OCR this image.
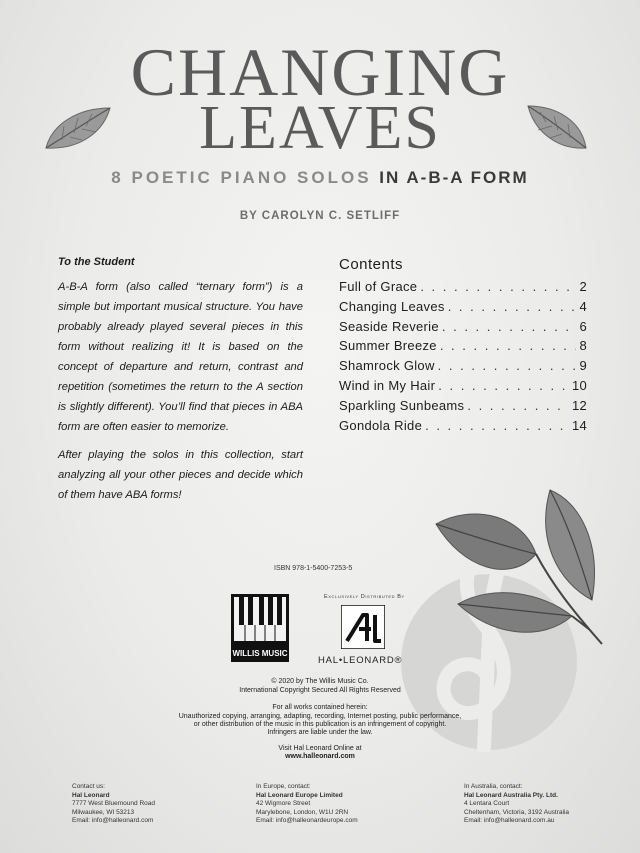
CHANGING
LEAVES
8 POETIC PIANO SOLOS IN A-B-A FORM
BY CAROLYN C. SETLIFF
To the Student

A-B-A form (also called “ternary form”) is a simple but important musical structure. You have probably already played several pieces in this form without realizing it! It is based on the concept of departure and return, contrast and repetition (sometimes the return to the A section is slightly different). You’ll find that pieces in ABA form are often easier to memorize.

After playing the solos in this collection, start analyzing all your other pieces and decide which of them have ABA forms!

Contents
Full of Grace . . .	2
Changing Leaves . . .	4
Seaside Reverie . . .	6
Summer Breeze . . .	8
Shamrock Glow . . .	9
Wind in My Hair . . .	10
Sparkling Sunbeams . . .	12
Gondola Ride . . .	14
ISBN 978-1-5400-7253-5
WILLIS MUSIC
Exclusively Distributed By
HAL•LEONARD®
© 2020 by The Willis Music Co.
International Copyright Secured All Rights Reserved
For all works contained herein:
Unauthorized copying, arranging, adapting, recording, Internet posting, public performance,
or other distribution of the music in this publication is an infringement of copyright.
Infringers are liable under the law.
Visit Hal Leonard Online at
www.halleonard.com
Contact us:
Hal Leonard
7777 West Bluemound Road
Milwaukee, WI 53213
Email: info@halleonard.com
In Europe, contact:
Hal Leonard Europe Limited
42 Wigmore Street
Marylebone, London, W1U 2RN
Email: info@halleonardeurope.com
In Australia, contact:
Hal Leonard Australia Pty. Ltd.
4 Lentara Court
Cheltenham, Victoria, 3192 Australia
Email: info@halleonard.com.au
